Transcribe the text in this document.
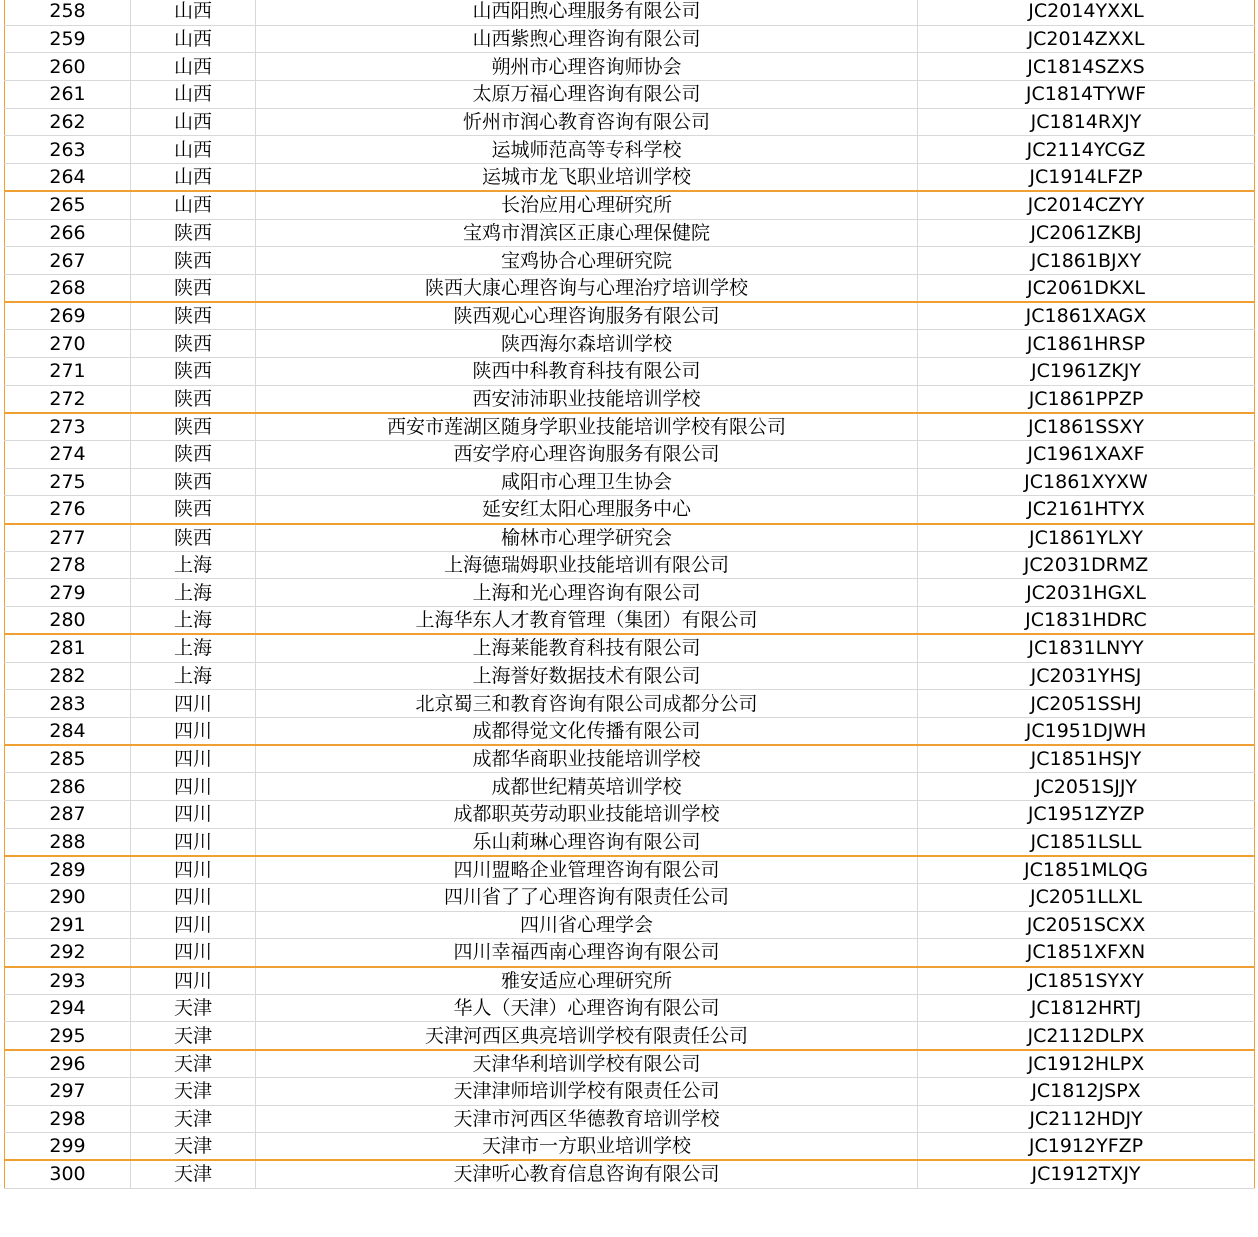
258	山西	山西阳煦心理服务有限公司	JC2014YXXL
259	山西	山西紫煦心理咨询有限公司	JC2014ZXXL
260	山西	朔州市心理咨询师协会	JC1814SZXS
261	山西	太原万福心理咨询有限公司	JC1814TYWF
262	山西	忻州市润心教育咨询有限公司	JC1814RXJY
263	山西	运城师范高等专科学校	JC2114YCGZ
264	山西	运城市龙飞职业培训学校	JC1914LFZP
265	山西	长治应用心理研究所	JC2014CZYY
266	陕西	宝鸡市渭滨区正康心理保健院	JC2061ZKBJ
267	陕西	宝鸡协合心理研究院	JC1861BJXY
268	陕西	陕西大康心理咨询与心理治疗培训学校	JC2061DKXL
269	陕西	陕西观心心理咨询服务有限公司	JC1861XAGX
270	陕西	陕西海尔森培训学校	JC1861HRSP
271	陕西	陕西中科教育科技有限公司	JC1961ZKJY
272	陕西	西安沛沛职业技能培训学校	JC1861PPZP
273	陕西	西安市莲湖区随身学职业技能培训学校有限公司	JC1861SSXY
274	陕西	西安学府心理咨询服务有限公司	JC1961XAXF
275	陕西	咸阳市心理卫生协会	JC1861XYXW
276	陕西	延安红太阳心理服务中心	JC2161HTYX
277	陕西	榆林市心理学研究会	JC1861YLXY
278	上海	上海德瑞姆职业技能培训有限公司	JC2031DRMZ
279	上海	上海和光心理咨询有限公司	JC2031HGXL
280	上海	上海华东人才教育管理（集团）有限公司	JC1831HDRC
281	上海	上海莱能教育科技有限公司	JC1831LNYY
282	上海	上海誉好数据技术有限公司	JC2031YHSJ
283	四川	北京蜀三和教育咨询有限公司成都分公司	JC2051SSHJ
284	四川	成都得觉文化传播有限公司	JC1951DJWH
285	四川	成都华商职业技能培训学校	JC1851HSJY
286	四川	成都世纪精英培训学校	JC2051SJJY
287	四川	成都职英劳动职业技能培训学校	JC1951ZYZP
288	四川	乐山莉琳心理咨询有限公司	JC1851LSLL
289	四川	四川盟略企业管理咨询有限公司	JC1851MLQG
290	四川	四川省了了心理咨询有限责任公司	JC2051LLXL
291	四川	四川省心理学会	JC2051SCXX
292	四川	四川幸福西南心理咨询有限公司	JC1851XFXN
293	四川	雅安适应心理研究所	JC1851SYXY
294	天津	华人（天津）心理咨询有限公司	JC1812HRTJ
295	天津	天津河西区典亮培训学校有限责任公司	JC2112DLPX
296	天津	天津华利培训学校有限公司	JC1912HLPX
297	天津	天津津师培训学校有限责任公司	JC1812JSPX
298	天津	天津市河西区华德教育培训学校	JC2112HDJY
299	天津	天津市一方职业培训学校	JC1912YFZP
300	天津	天津听心教育信息咨询有限公司	JC1912TXJY
